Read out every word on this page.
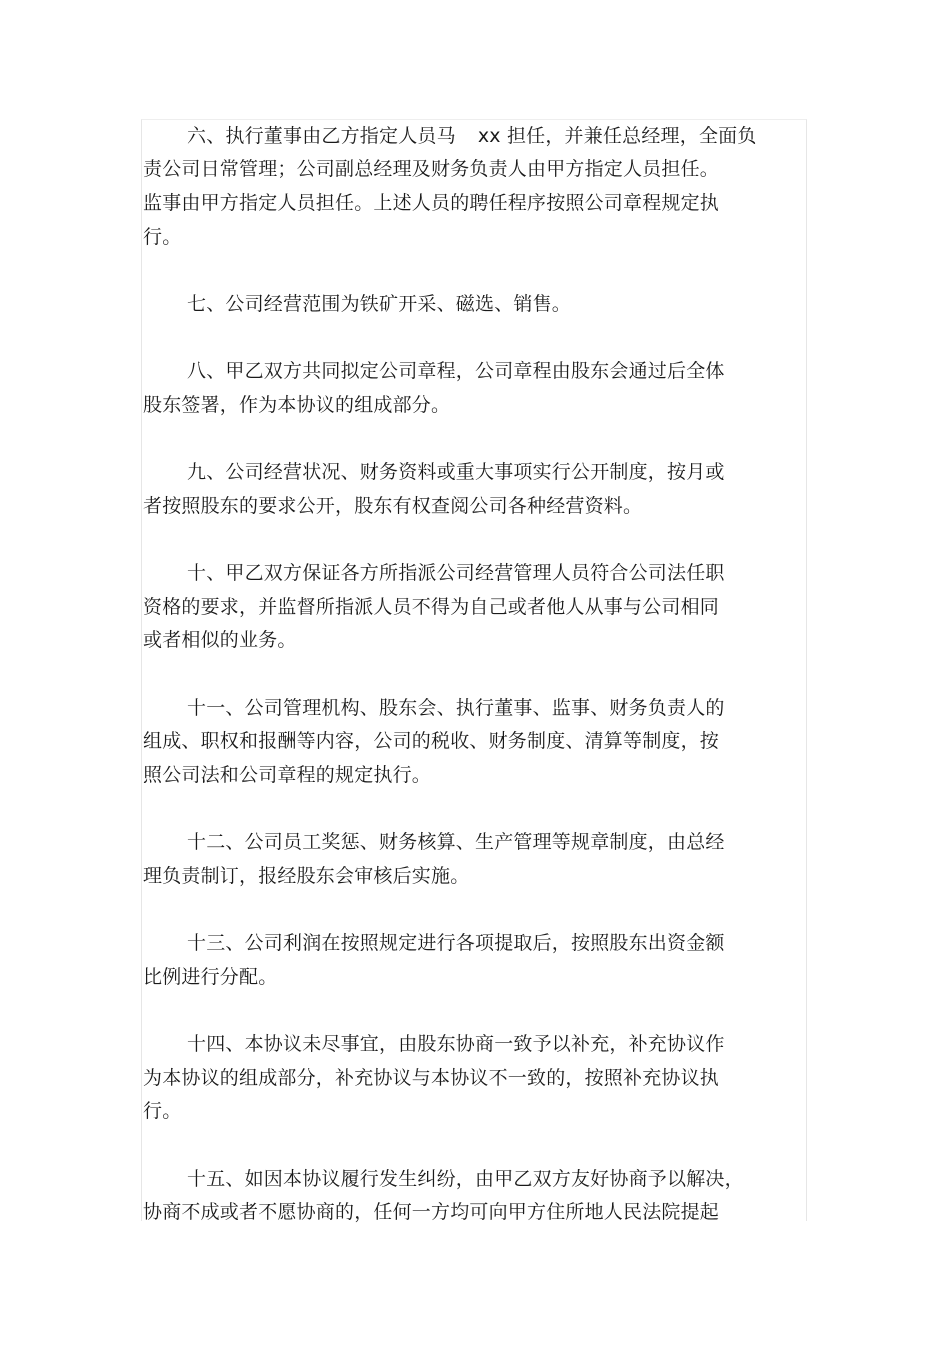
六、执行董事由乙方指定人员马 xx 担任，并兼任总经理，全面负
责公司日常管理；公司副总经理及财务负责人由甲方指定人员担任。
监事由甲方指定人员担任。上述人员的聘任程序按照公司章程规定执
行。
七、公司经营范围为铁矿开采、磁选、销售。
八、甲乙双方共同拟定公司章程，公司章程由股东会通过后全体
股东签署，作为本协议的组成部分。
九、公司经营状况、财务资料或重大事项实行公开制度，按月或
者按照股东的要求公开，股东有权查阅公司各种经营资料。
十、甲乙双方保证各方所指派公司经营管理人员符合公司法任职
资格的要求，并监督所指派人员不得为自己或者他人从事与公司相同
或者相似的业务。
十一、公司管理机构、股东会、执行董事、监事、财务负责人的
组成、职权和报酬等内容，公司的税收、财务制度、清算等制度，按
照公司法和公司章程的规定执行。
十二、公司员工奖惩、财务核算、生产管理等规章制度，由总经
理负责制订，报经股东会审核后实施。
十三、公司利润在按照规定进行各项提取后，按照股东出资金额
比例进行分配。
十四、本协议未尽事宜，由股东协商一致予以补充，补充协议作
为本协议的组成部分，补充协议与本协议不一致的，按照补充协议执
行。
十五、如因本协议履行发生纠纷，由甲乙双方友好协商予以解决，
协商不成或者不愿协商的，任何一方均可向甲方住所地人民法院提起
